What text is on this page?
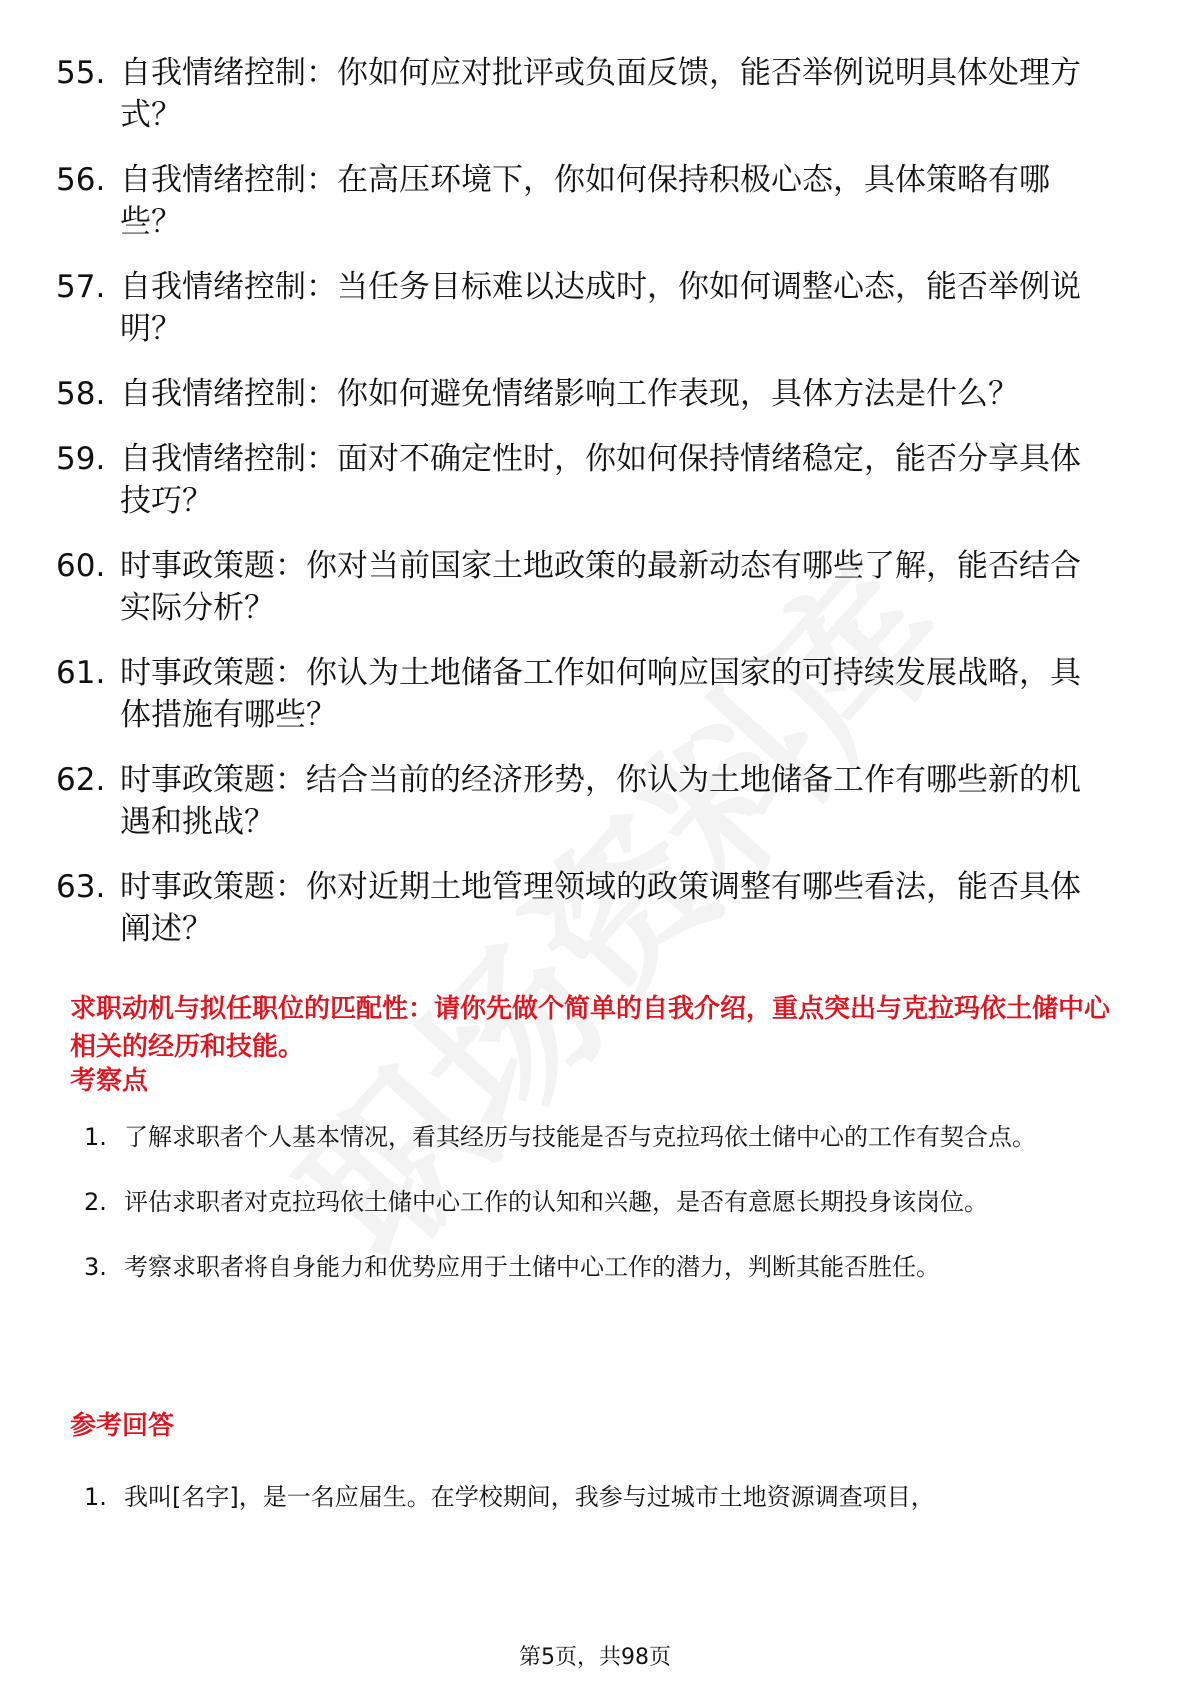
55. 自我情绪控制：你如何应对批评或负面反馈，能否举例说明具体处理方式？
56. 自我情绪控制：在高压环境下，你如何保持积极心态，具体策略有哪些？
57. 自我情绪控制：当任务目标难以达成时，你如何调整心态，能否举例说明？
58. 自我情绪控制：你如何避免情绪影响工作表现，具体方法是什么？
59. 自我情绪控制：面对不确定性时，你如何保持情绪稳定，能否分享具体技巧？
60. 时事政策题：你对当前国家土地政策的最新动态有哪些了解，能否结合实际分析？
61. 时事政策题：你认为土地储备工作如何响应国家的可持续发展战略，具体措施有哪些？
62. 时事政策题：结合当前的经济形势，你认为土地储备工作有哪些新的机遇和挑战？
63. 时事政策题：你对近期土地管理领域的政策调整有哪些看法，能否具体阐述？
求职动机与拟任职位的匹配性：请你先做个简单的自我介绍，重点突出与克拉玛依土储中心相关的经历和技能。
考察点
1. 了解求职者个人基本情况，看其经历与技能是否与克拉玛依土储中心的工作有契合点。
2. 评估求职者对克拉玛依土储中心工作的认知和兴趣，是否有意愿长期投身该岗位。
3. 考察求职者将自身能力和优势应用于土储中心工作的潜力，判断其能否胜任。
参考回答
1. 我叫[名字]，是一名应届生。在学校期间，我参与过城市土地资源调查项目，
第5页，共98页
